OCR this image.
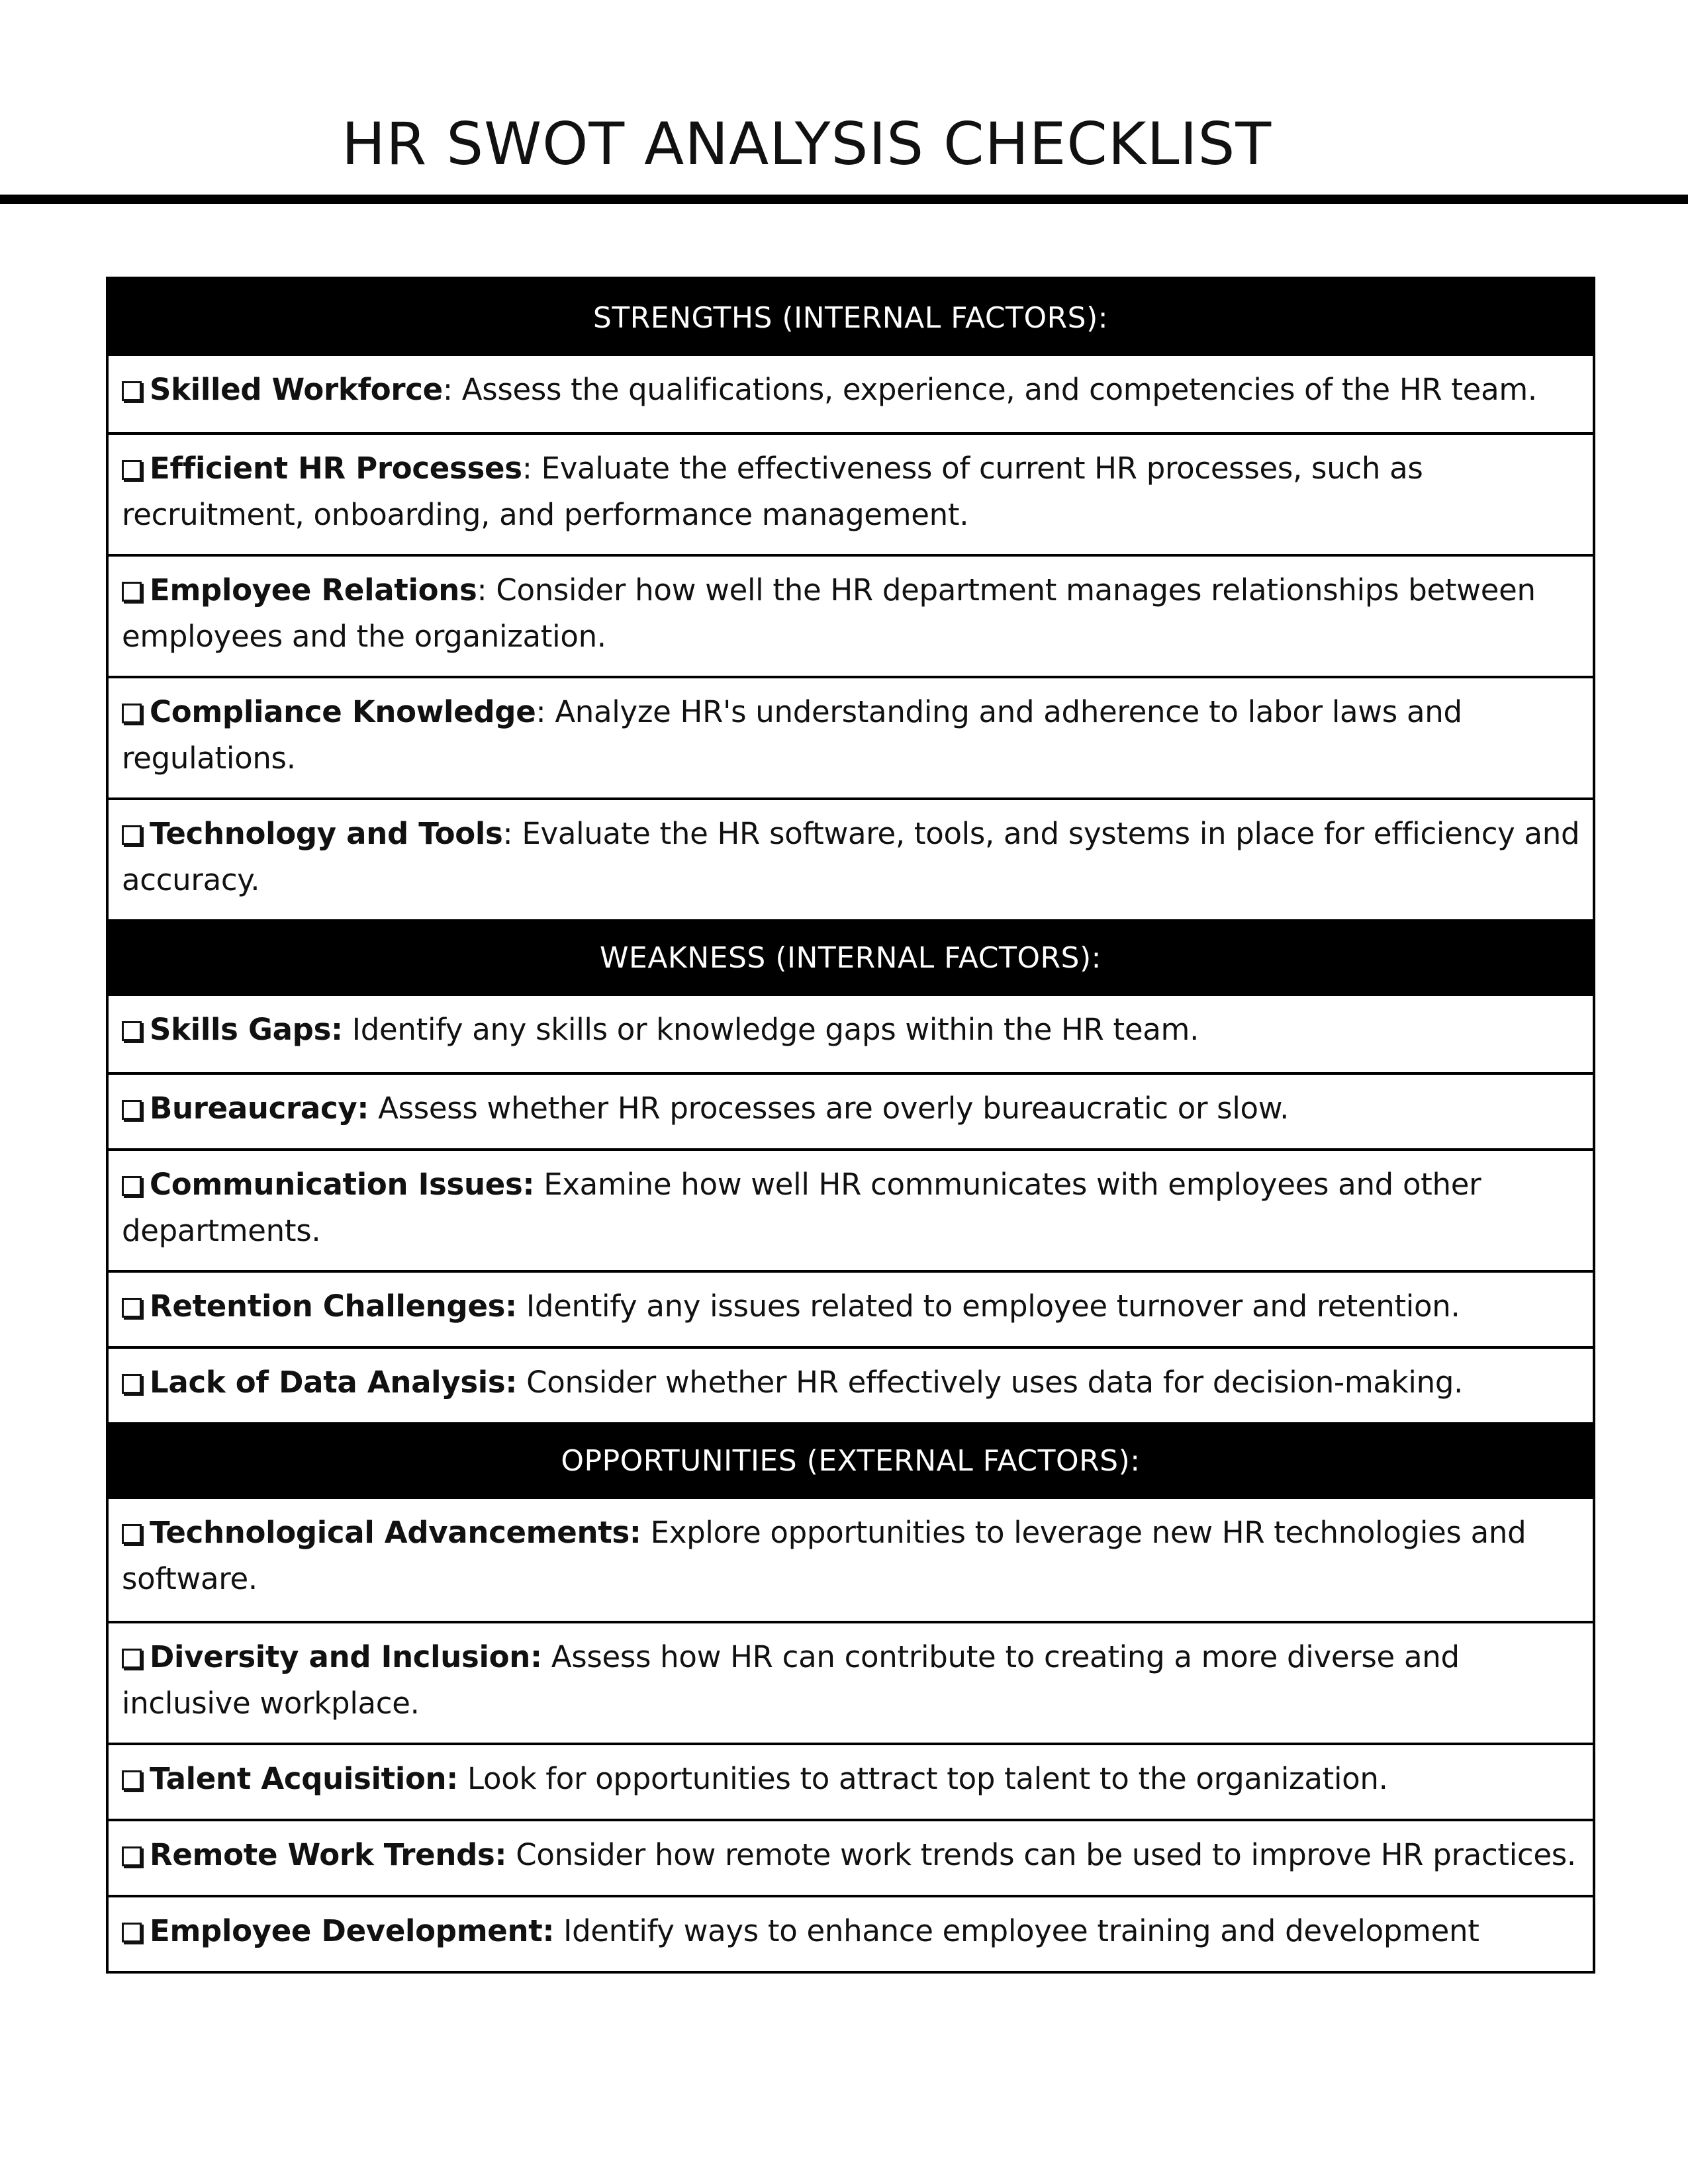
HR SWOT ANALYSIS CHECKLIST
STRENGTHS (INTERNAL FACTORS):
Skilled Workforce: Assess the qualifications, experience, and competencies of the HR team.
Efficient HR Processes: Evaluate the effectiveness of current HR processes, such as recruitment, onboarding, and performance management.
Employee Relations: Consider how well the HR department manages relationships between employees and the organization.
Compliance Knowledge: Analyze HR's understanding and adherence to labor laws and regulations.
Technology and Tools: Evaluate the HR software, tools, and systems in place for efficiency and accuracy.
WEAKNESS (INTERNAL FACTORS):
Skills Gaps: Identify any skills or knowledge gaps within the HR team.
Bureaucracy: Assess whether HR processes are overly bureaucratic or slow.
Communication Issues: Examine how well HR communicates with employees and other departments.
Retention Challenges: Identify any issues related to employee turnover and retention.
Lack of Data Analysis: Consider whether HR effectively uses data for decision-making.
OPPORTUNITIES (EXTERNAL FACTORS):
Technological Advancements: Explore opportunities to leverage new HR technologies and software.
Diversity and Inclusion: Assess how HR can contribute to creating a more diverse and inclusive workplace.
Talent Acquisition: Look for opportunities to attract top talent to the organization.
Remote Work Trends: Consider how remote work trends can be used to improve HR practices.
Employee Development: Identify ways to enhance employee training and development
